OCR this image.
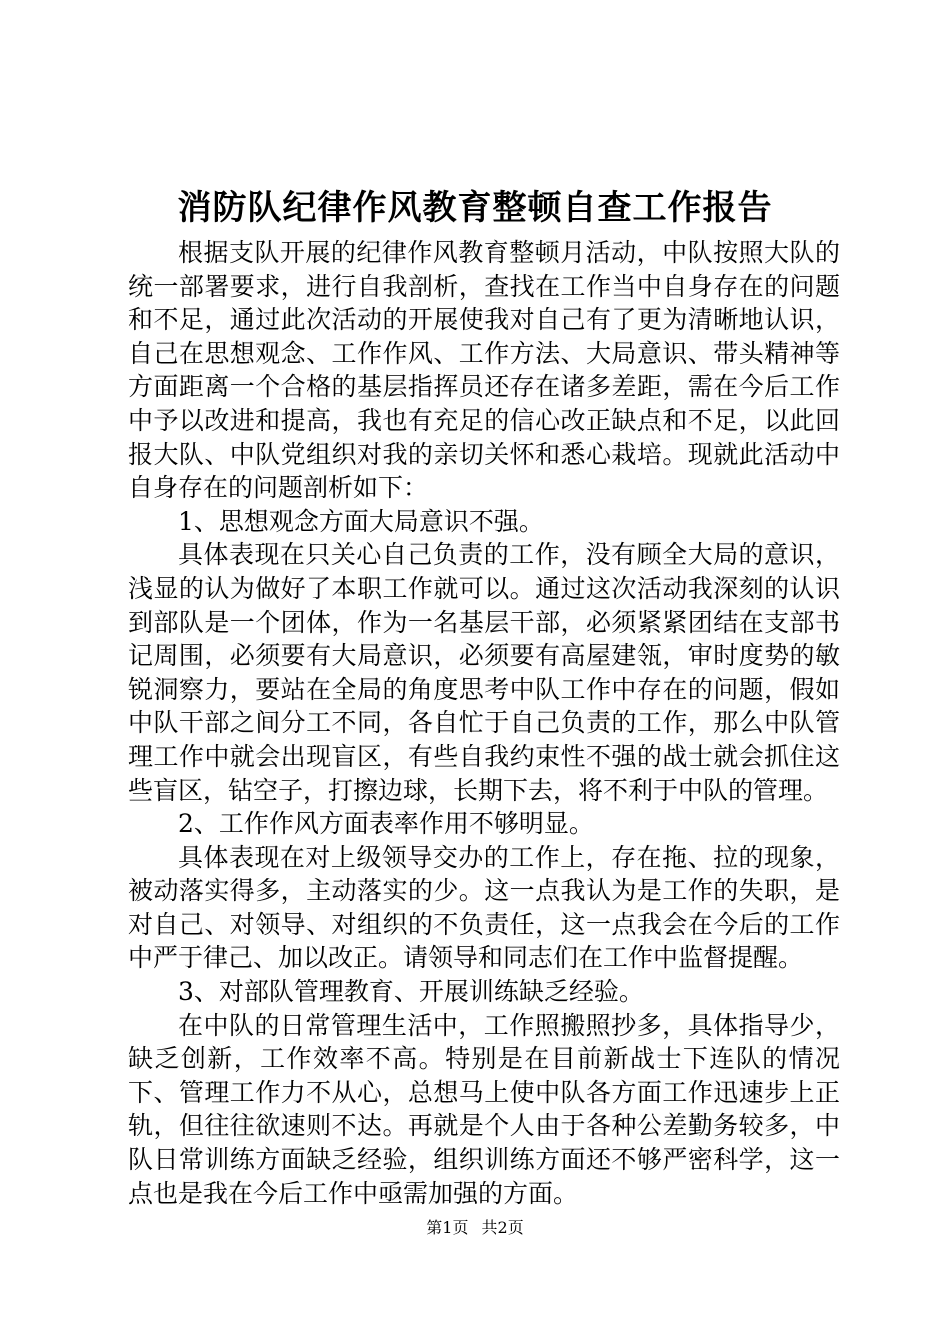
消防队纪律作风教育整顿自查工作报告

根据支队开展的纪律作风教育整顿月活动，中队按照大队的统一部署要求，进行自我剖析，查找在工作当中自身存在的问题和不足，通过此次活动的开展使我对自己有了更为清晰地认识，自己在思想观念、工作作风、工作方法、大局意识、带头精神等方面距离一个合格的基层指挥员还存在诸多差距，需在今后工作中予以改进和提高，我也有充足的信心改正缺点和不足，以此回报大队、中队党组织对我的亲切关怀和悉心栽培。现就此活动中自身存在的问题剖析如下：

1、思想观念方面大局意识不强。

具体表现在只关心自己负责的工作，没有顾全大局的意识，浅显的认为做好了本职工作就可以。通过这次活动我深刻的认识到部队是一个团体，作为一名基层干部，必须紧紧团结在支部书记周围，必须要有大局意识，必须要有高屋建瓴，审时度势的敏锐洞察力，要站在全局的角度思考中队工作中存在的问题，假如中队干部之间分工不同，各自忙于自己负责的工作，那么中队管理工作中就会出现盲区，有些自我约束性不强的战士就会抓住这些盲区，钻空子，打擦边球，长期下去，将不利于中队的管理。

2、工作作风方面表率作用不够明显。

具体表现在对上级领导交办的工作上，存在拖、拉的现象，被动落实得多，主动落实的少。这一点我认为是工作的失职，是对自己、对领导、对组织的不负责任，这一点我会在今后的工作中严于律己、加以改正。请领导和同志们在工作中监督提醒。

3、对部队管理教育、开展训练缺乏经验。

在中队的日常管理生活中，工作照搬照抄多，具体指导少，缺乏创新，工作效率不高。特别是在目前新战士下连队的情况下、管理工作力不从心，总想马上使中队各方面工作迅速步上正轨，但往往欲速则不达。再就是个人由于各种公差勤务较多，中队日常训练方面缺乏经验，组织训练方面还不够严密科学，这一点也是我在今后工作中亟需加强的方面。

第1页 共2页
